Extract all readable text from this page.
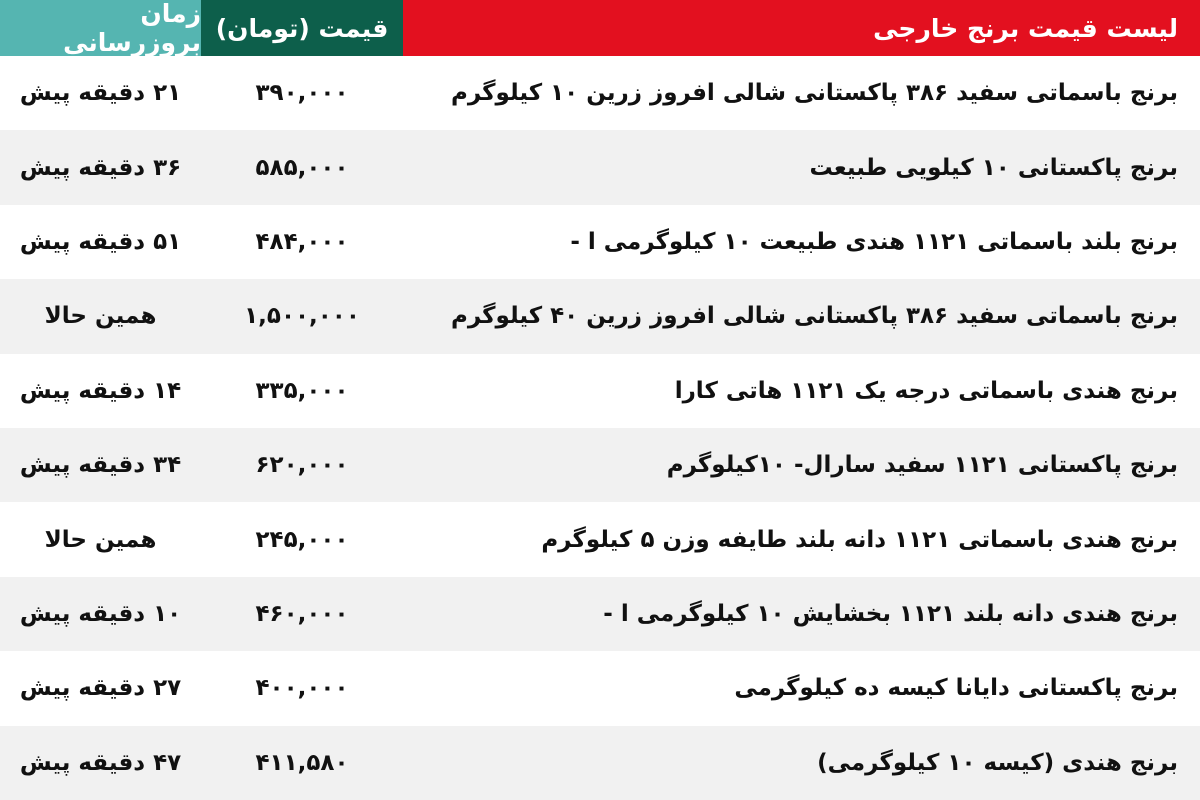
لیست قیمت برنج خارجی
قیمت (تومان)
زمان بروزرسانی
برنج باسماتی سفید ۳۸۶ پاکستانی شالی افروز زرین ۱۰ کیلوگرم
۳۹۰,۰۰۰
۲۱ دقیقه پیش
برنج پاکستانی ۱۰ کیلویی طبیعت
۵۸۵,۰۰۰
۳۶ دقیقه پیش
برنج بلند باسماتی ۱۱۲۱ هندی طبیعت ۱۰ کیلوگرمی ا -
۴۸۴,۰۰۰
۵۱ دقیقه پیش
برنج باسماتی سفید ۳۸۶ پاکستانی شالی افروز زرین ۴۰ کیلوگرم
۱,۵۰۰,۰۰۰
همین حالا
برنج هندی باسماتی درجه یک ۱۱۲۱ هاتی کارا
۳۳۵,۰۰۰
۱۴ دقیقه پیش
برنج پاکستانی ۱۱۲۱ سفید سارال- ۱۰کیلوگرم
۶۲۰,۰۰۰
۳۴ دقیقه پیش
برنج هندی باسماتی ۱۱۲۱ دانه بلند طایفه وزن ۵ کیلوگرم
۲۴۵,۰۰۰
همین حالا
برنج هندی دانه بلند ۱۱۲۱ بخشایش ۱۰ کیلوگرمی ا -
۴۶۰,۰۰۰
۱۰ دقیقه پیش
برنج پاکستانی دایانا کیسه ده کیلوگرمی
۴۰۰,۰۰۰
۲۷ دقیقه پیش
برنج هندی (کیسه ۱۰ کیلوگرمی)
۴۱۱,۵۸۰
۴۷ دقیقه پیش
